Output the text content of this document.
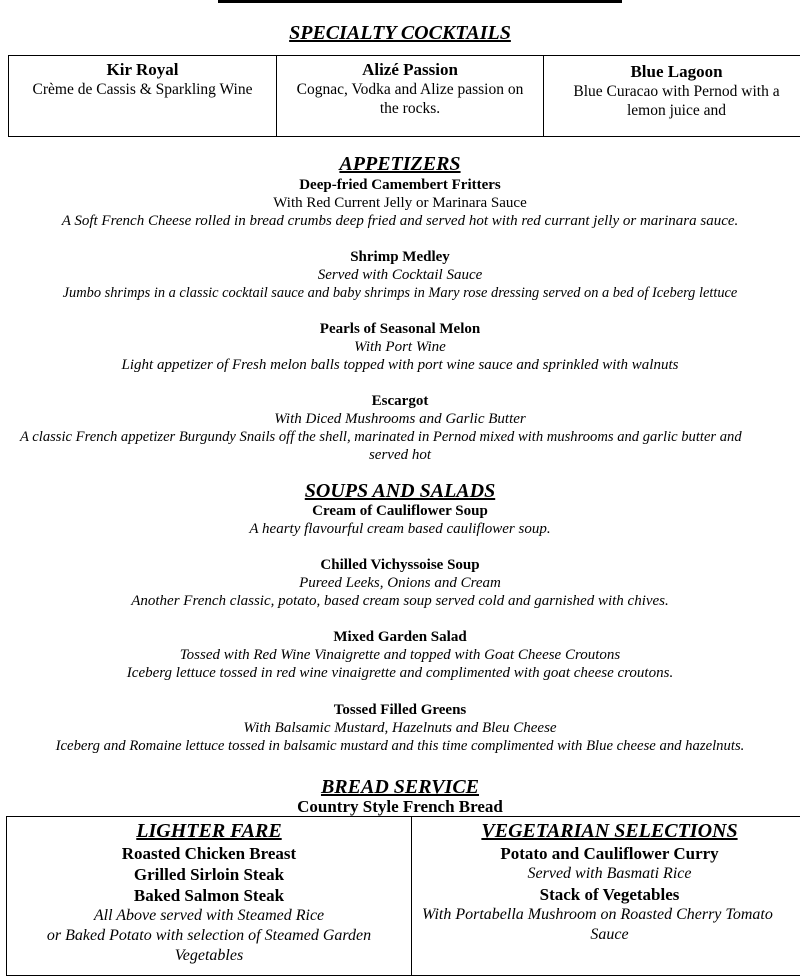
SPECIALTY COCKTAILS
Kir Royal
Crème de Cassis & Sparkling Wine
Alizé Passion
Cognac, Vodka and Alize passion on the rocks.
Blue Lagoon
Blue Curacao with Pernod with a lemon juice and
APPETIZERS
Deep-fried Camembert Fritters
With Red Current Jelly or Marinara Sauce
A Soft French Cheese rolled in bread crumbs deep fried and served hot with red currant jelly or marinara sauce.
Shrimp Medley
Served with Cocktail Sauce
Jumbo shrimps in a classic cocktail sauce and baby shrimps in Mary rose dressing served on a bed of Iceberg lettuce
Pearls of Seasonal Melon
With Port Wine
Light appetizer of Fresh melon balls topped with port wine sauce and sprinkled with walnuts
Escargot
With Diced Mushrooms and Garlic Butter
A classic French appetizer Burgundy Snails off the shell, marinated in Pernod mixed with mushrooms and garlic butter and
served hot
SOUPS AND SALADS
Cream of Cauliflower Soup
A hearty flavourful cream based cauliflower soup.
Chilled Vichyssoise Soup
Pureed Leeks, Onions and Cream
Another French classic, potato, based cream soup served cold and garnished with chives.
Mixed Garden Salad
Tossed with Red Wine Vinaigrette and topped with Goat Cheese Croutons
Iceberg lettuce tossed in red wine vinaigrette and complimented with goat cheese croutons.
Tossed Filled Greens
With Balsamic Mustard, Hazelnuts and Bleu Cheese
Iceberg and Romaine lettuce tossed in balsamic mustard and this time complimented with Blue cheese and hazelnuts.
BREAD SERVICE
Country Style French Bread
LIGHTER FARE
Roasted Chicken Breast
Grilled Sirloin Steak
Baked Salmon Steak
All Above served with Steamed Rice
or Baked Potato with selection of Steamed Garden
Vegetables
VEGETARIAN SELECTIONS
Potato and Cauliflower Curry
Served with Basmati Rice
Stack of Vegetables
With Portabella Mushroom on Roasted Cherry Tomato
Sauce
